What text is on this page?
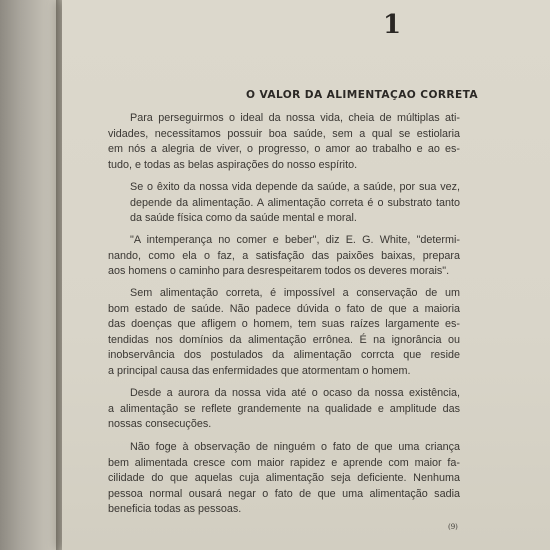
1
O VALOR DA ALIMENTAÇAO CORRETA
Para perseguirmos o ideal da nossa vida, cheia de múltiplas ati-
vidades, necessitamos possuir boa saúde, sem a qual se estiolaria
em nós a alegria de viver, o progresso, o amor ao trabalho e ao es-
tudo, e todas as belas aspirações do nosso espírito.
Se o êxito da nossa vida depende da saúde, a saúde, por sua vez,
depende da alimentação. A alimentação correta é o substrato tanto
da saúde física como da saúde mental e moral.
"A intemperança no comer e beber", diz E. G. White, "determi-
nando, como ela o faz, a satisfação das paixões baixas, prepara
aos homens o caminho para desrespeitarem todos os deveres morais".
Sem alimentação correta, é impossível a conservação de um
bom estado de saúde. Não padece dúvida o fato de que a maioria
das doenças que afligem o homem, tem suas raízes largamente es-
tendidas nos domínios da alimentação errônea. É na ignorância ou
inobservância dos postulados da alimentação corrcta que reside
a principal causa das enfermidades que atormentam o homem.
Desde a aurora da nossa vida até o ocaso da nossa existência,
a alimentação se reflete grandemente na qualidade e amplitude das
nossas consecuções.
Não foge à observação de ninguém o fato de que uma criança
bem alimentada cresce com maior rapidez e aprende com maior fa-
cilidade do que aquelas cuja alimentação seja deficiente. Nenhuma
pessoa normal ousará negar o fato de que uma alimentação sadia
beneficia todas as pessoas.
(9)
